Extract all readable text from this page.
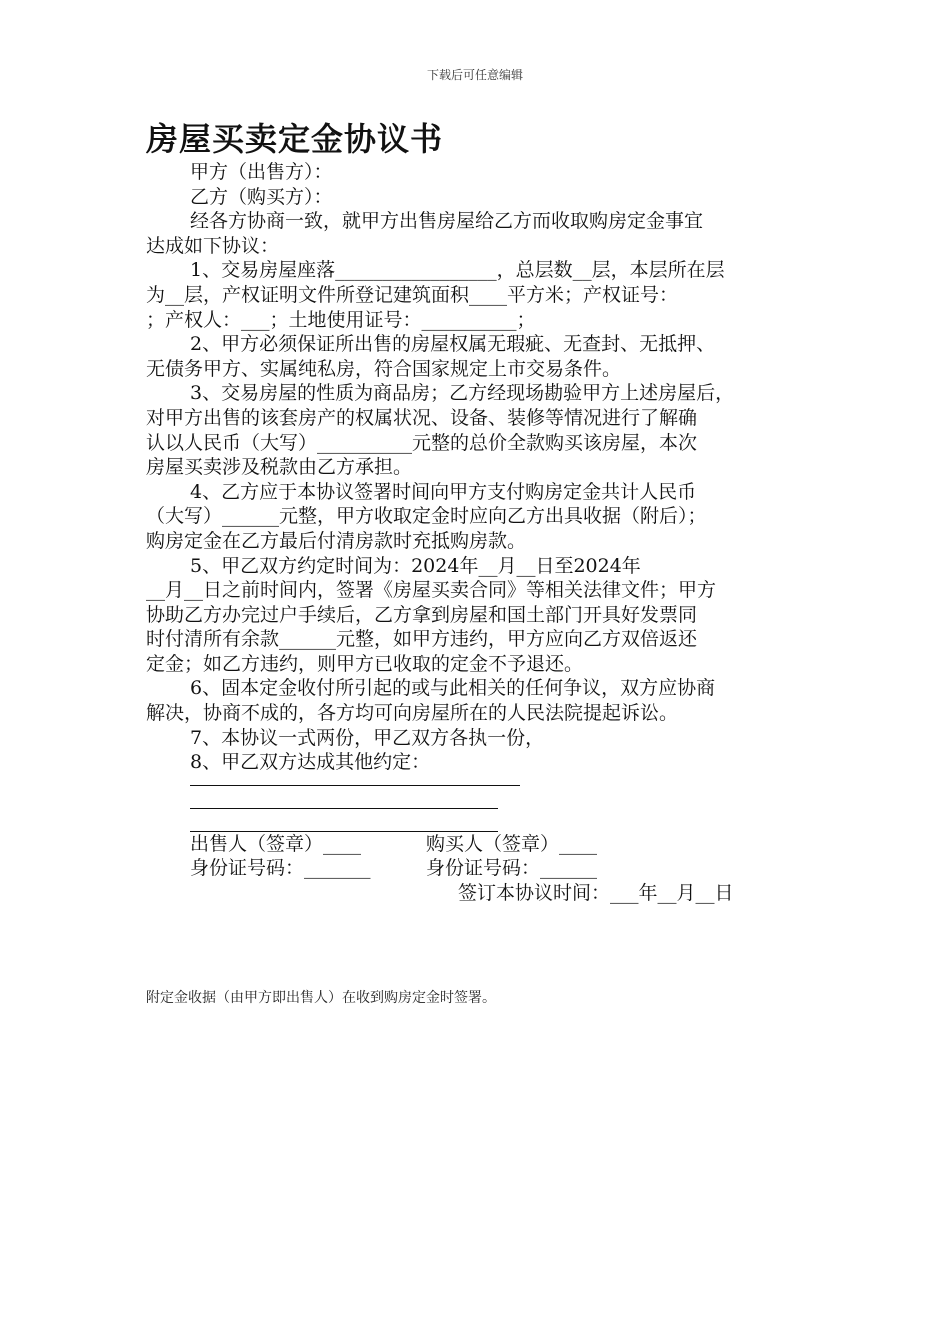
下载后可任意编辑
房屋买卖定金协议书

甲方（出售方）：

乙方（购买方）：

经各方协商一致，就甲方出售房屋给乙方而收取购房定金事宜

达成如下协议：

1、交易房屋座落_________________，总层数__层，本层所在层

为__层，产权证明文件所登记建筑面积____平方米；产权证号：

；产权人：___；土地使用证号：__________；

2、甲方必须保证所出售的房屋权属无瑕疵、无查封、无抵押、

无债务甲方、实属纯私房，符合国家规定上市交易条件。

3、交易房屋的性质为商品房；乙方经现场勘验甲方上述房屋后，

对甲方出售的该套房产的权属状况、设备、装修等情况进行了解确

认以人民币（大写）__________元整的总价全款购买该房屋，本次

房屋买卖涉及税款由乙方承担。

4、乙方应于本协议签署时间向甲方支付购房定金共计人民币

（大写）______元整，甲方收取定金时应向乙方出具收据（附后）；

购房定金在乙方最后付清房款时充抵购房款。

5、甲乙双方约定时间为：2024年__月__日至2024年

__月__日之前时间内，签署《房屋买卖合同》等相关法律文件；甲方

协助乙方办完过户手续后，乙方拿到房屋和国土部门开具好发票同

时付清所有余款______元整，如甲方违约，甲方应向乙方双倍返还

定金；如乙方违约，则甲方已收取的定金不予退还。

6、固本定金收付所引起的或与此相关的任何争议，双方应协商

解决，协商不成的，各方均可向房屋所在的人民法院提起诉讼。

7、本协议一式两份，甲乙双方各执一份，

8、甲乙双方达成其他约定：

出售人（签章）____	购买人（签章）____
身份证号码：_______	身份证号码：______

签订本协议时间：___年__月__日

附定金收据（由甲方即出售人）在收到购房定金时签署。
